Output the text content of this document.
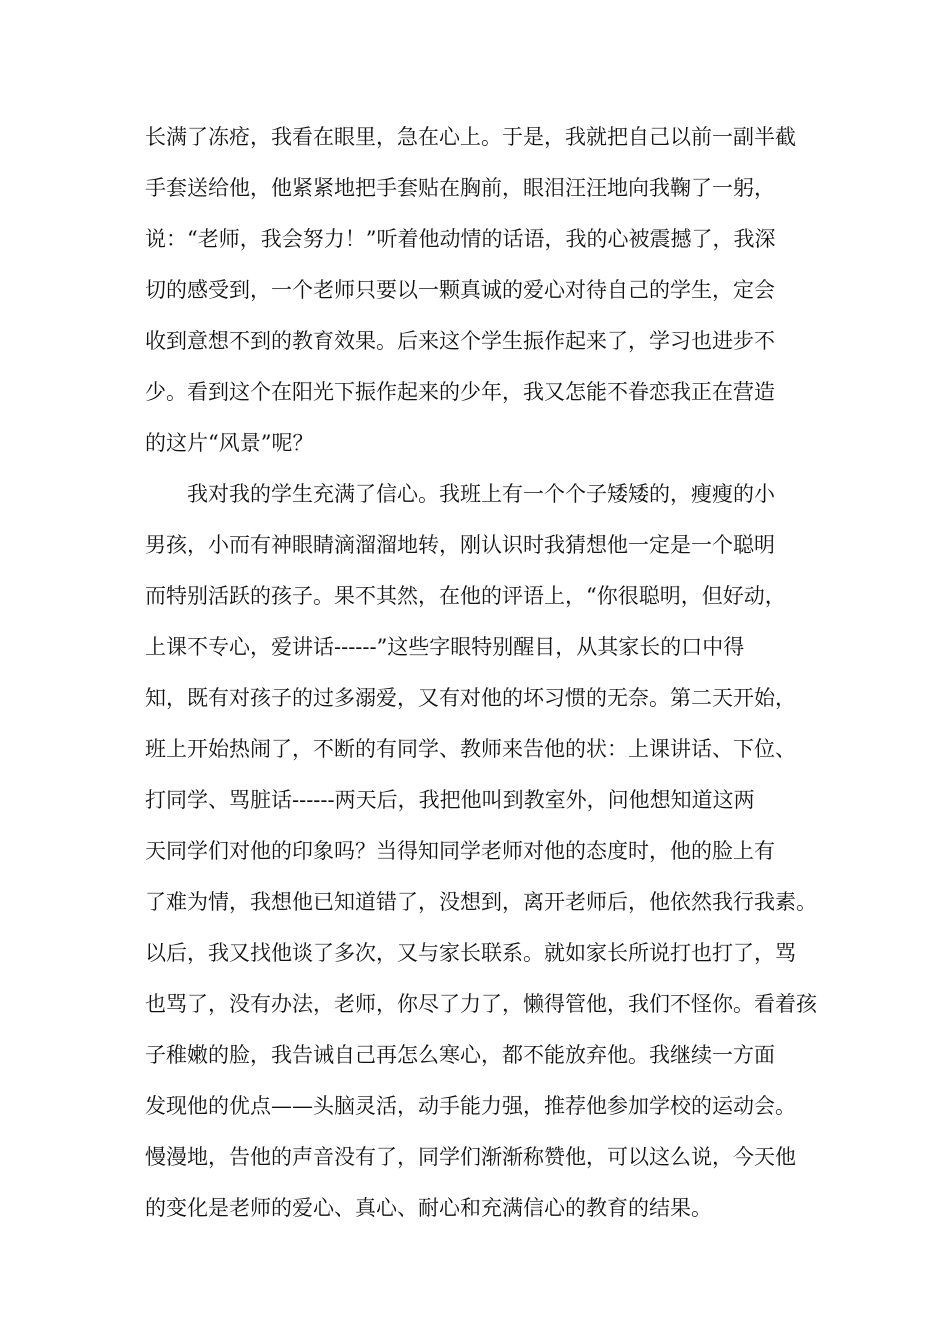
长满了冻疮，我看在眼里，急在心上。于是，我就把自己以前一副半截
手套送给他，他紧紧地把手套贴在胸前，眼泪汪汪地向我鞠了一躬，
说：“老师，我会努力！”听着他动情的话语，我的心被震撼了，我深
切的感受到，一个老师只要以一颗真诚的爱心对待自己的学生，定会
收到意想不到的教育效果。后来这个学生振作起来了，学习也进步不
少。看到这个在阳光下振作起来的少年，我又怎能不眷恋我正在营造
的这片“风景”呢？
我对我的学生充满了信心。我班上有一个个子矮矮的，瘦瘦的小
男孩，小而有神眼睛滴溜溜地转，刚认识时我猜想他一定是一个聪明
而特别活跃的孩子。果不其然，在他的评语上，“你很聪明，但好动，
上课不专心，爱讲话------”这些字眼特别醒目，从其家长的口中得
知，既有对孩子的过多溺爱，又有对他的坏习惯的无奈。第二天开始，
班上开始热闹了，不断的有同学、教师来告他的状：上课讲话、下位、
打同学、骂脏话------两天后，我把他叫到教室外，问他想知道这两
天同学们对他的印象吗？当得知同学老师对他的态度时，他的脸上有
了难为情，我想他已知道错了，没想到，离开老师后，他依然我行我素。
以后，我又找他谈了多次，又与家长联系。就如家长所说打也打了，骂
也骂了，没有办法，老师，你尽了力了，懒得管他，我们不怪你。看着孩
子稚嫩的脸，我告诫自己再怎么寒心，都不能放弃他。我继续一方面
发现他的优点——头脑灵活，动手能力强，推荐他参加学校的运动会。
慢漫地，告他的声音没有了，同学们渐渐称赞他，可以这么说，今天他
的变化是老师的爱心、真心、耐心和充满信心的教育的结果。
